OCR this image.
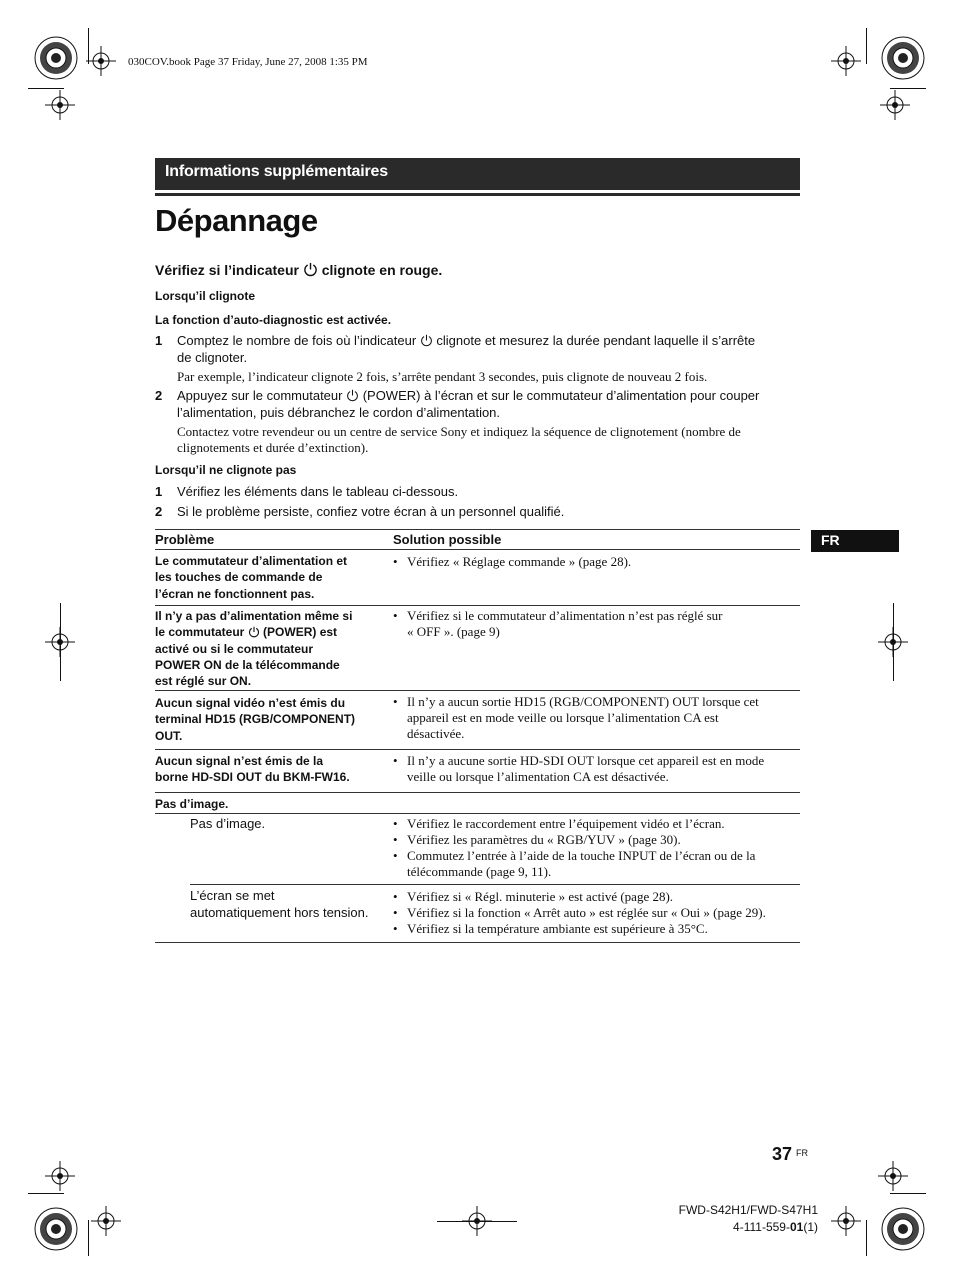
030COV.book Page 37 Friday, June 27, 2008 1:35 PM
Informations supplémentaires
Dépannage
Vérifiez si l’indicateur  clignote en rouge.
Lorsqu’il clignote
La fonction d’auto-diagnostic est activée.
1 Comptez le nombre de fois où l’indicateur  clignote et mesurez la durée pendant laquelle il s’arrête
de clignoter.
Par exemple, l’indicateur clignote 2 fois, s’arrête pendant 3 secondes, puis clignote de nouveau 2 fois.
2 Appuyez sur le commutateur  (POWER) à l’écran et sur le commutateur d’alimentation pour couper
l’alimentation, puis débranchez le cordon d’alimentation.
Contactez votre revendeur ou un centre de service Sony et indiquez la séquence de clignotement (nombre de
clignotements et durée d’extinction).
Lorsqu’il ne clignote pas
1 Vérifiez les éléments dans le tableau ci-dessous.
2 Si le problème persiste, confiez votre écran à un personnel qualifié.
FR
Problème	Solution possible
Le commutateur d’alimentation et
les touches de commande de
l’écran ne fonctionnent pas.
• Vérifiez « Réglage commande » (page 28).
Il n’y a pas d’alimentation même si
le commutateur  (POWER) est
activé ou si le commutateur
POWER ON de la télécommande
est réglé sur ON.
• Vérifiez si le commutateur d’alimentation n’est pas réglé sur
« OFF ». (page 9)
Aucun signal vidéo n’est émis du
terminal HD15 (RGB/COMPONENT)
OUT.
• Il n’y a aucun sortie HD15 (RGB/COMPONENT) OUT lorsque cet
appareil est en mode veille ou lorsque l’alimentation CA est
désactivée.
Aucun signal n’est émis de la
borne HD-SDI OUT du BKM-FW16.
• Il n’y a aucune sortie HD-SDI OUT lorsque cet appareil est en mode
veille ou lorsque l’alimentation CA est désactivée.
Pas d’image.
Pas d’image.
•	Vérifiez le raccordement entre l’équipement vidéo et l’écran.
• Vérifiez les paramètres du « RGB/YUV » (page 30).
• Commutez l’entrée à l’aide de la touche INPUT de l’écran ou de la
télécommande (page 9, 11).
L’écran se met
automatiquement hors tension.
• Vérifiez si « Régl. minuterie » est activé (page 28).
• Vérifiez si la fonction « Arrêt auto » est réglée sur « Oui » (page 29).
• Vérifiez si la température ambiante est supérieure à 35°C.
37 FR
FWD-S42H1/FWD-S47H1
4-111-559-01(1)
